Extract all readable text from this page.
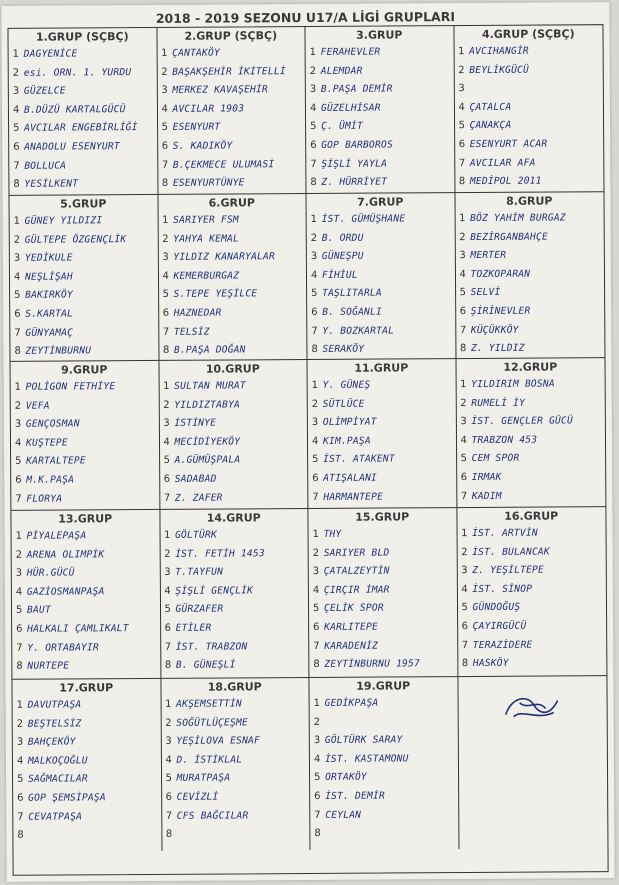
2018 - 2019 SEZONU U17/A LİGİ GRUPLARI
1.GRUP (SÇBÇ)
1 DAGYENİCE
2 esi. ORN. 1. YURDU
3 GÜZELCE
4 B.DÜZÜ KARTALGÜCÜ
5 AVCILAR ENGEBİRLİĞİ
6 ANADOLU ESENYURT
7 BOLLUCA
8 YESİLKENT
2.GRUP (SÇBÇ)
1 ÇANTAKÖY
2 BAŞAKŞEHİR İKİTELLİ
3 MERKEZ KAVAŞEHİR
4 AVCILAR 1903
5 ESENYURT
6 S. KADIKÖY
7 B.ÇEKMECE ULUMASİ
8 ESENYURTÜNYE
3.GRUP
1 FERAHEVLER
2 ALEMDAR
3 B.PAŞA DEMİR
4 GÜZELHİSAR
5 Ç. ÜMİT
6 GOP BARBOROS
7 ŞİŞLİ YAYLA
8 Z. HÜRRİYET
4.GRUP (SÇBÇ)
1 AVCIHANGİR
2 BEYLİKGÜCÜ
3
4 ÇATALCA
5 ÇANAKÇA
6 ESENYURT ACAR
7 AVCILAR AFA
8 MEDİPOL 2011
5.GRUP
1 GÜNEY YILDIZI
2 GÜLTEPE ÖZGENÇLİK
3 YEDİKULE
4 NEŞLİŞAH
5 BAKIRKÖY
6 S.KARTAL
7 GÜNYAMAÇ
8 ZEYTİNBURNU
6.GRUP
1 SARIYER FSM
2 YAHYA KEMAL
3 YILDIZ KANARYALAR
4 KEMERBURGAZ
5 S.TEPE YEŞİLCE
6 HAZNEDAR
7 TELSİZ
8 B.PAŞA DOĞAN
7.GRUP
1 İST. GÜMÜŞHANE
2 B. ORDU
3 GÜNEŞPU
4 FİHİUL
5 TAŞLITARLA
6 B. SOĞANLI
7 Y. BOZKARTAL
8 SERAKÖY
8.GRUP
1 BÖZ YAHİM BURGAZ
2 BEZİRGANBAHÇE
3 MERTER
4 TOZKOPARAN
5 SELVİ
6 ŞİRİNEVLER
7 KÜÇÜKKÖY
8 Z. YILDIZ
9.GRUP
1 POLİGON FETHİYE
2 VEFA
3 GENÇOSMAN
4 KUŞTEPE
5 KARTALTEPE
6 M.K.PAŞA
7 FLORYA
10.GRUP
1 SULTAN MURAT
2 YILDIZTABYA
3 İSTİNYE
4 MECİDİYEKÖY
5 A.GÜMÜŞPALA
6 SADABAD
7 Z. ZAFER
11.GRUP
1 Y. GÜNEŞ
2 SÜTLÜCE
3 OLİMPİYAT
4 KIM.PAŞA
5 İST. ATAKENT
6 ATIŞALANI
7 HARMANTEPE
12.GRUP
1 YILDIRIM BOSNA
2 RUMELİ İY
3 İST. GENÇLER GÜCÜ
4 TRABZON 453
5 CEM SPOR
6 IRMAK
7 KADIM
13.GRUP
1 PİYALEPAŞA
2 ARENA OLIMPİK
3 HÜR.GÜCÜ
4 GAZİOSMANPAŞA
5 BAUT
6 HALKALI ÇAMLIKALT
7 Y. ORTABAYIR
8 NURTEPE
14.GRUP
1 GÖLTÜRK
2 İST. FETİH 1453
3 T.TAYFUN
4 ŞİŞLİ GENÇLİK
5 GÜRZAFER
6 ETİLER
7 İST. TRABZON
8 B. GÜNEŞLİ
15.GRUP
1 THY
2 SARIYER BLD
3 ÇATALZEYTİN
4 ÇIRÇIR İMAR
5 ÇELİK SPOR
6 KARLITEPE
7 KARADENİZ
8 ZEYTİNBURNU 1957
16.GRUP
1 İST. ARTVİN
2 İST. BULANCAK
3 Z. YEŞİLTEPE
4 İST. SİNOP
5 GÜNDOĞUŞ
6 ÇAYIRGÜCÜ
7 TERAZİDERE
8 HASKÖY
17.GRUP
1 DAVUTPAŞA
2 BEŞTELSİZ
3 BAHÇEKÖY
4 MALKOÇOĞLU
5 SAĞMACILAR
6 GOP ŞEMSİPAŞA
7 CEVATPAŞA
8
18.GRUP
1 AKŞEMSETTİN
2 SOĞÜTLÜÇEŞME
3 YEŞİLOVA ESNAF
4 D. İSTİKLAL
5 MURATPAŞA
6 CEVİZLİ
7 CFS BAĞCILAR
8
19.GRUP
1 GEDİKPAŞA
2
3 GÖLTÜRK SARAY
4 İST. KASTAMONU
5 ORTAKÖY
6 İST. DEMİR
7 CEYLAN
8
